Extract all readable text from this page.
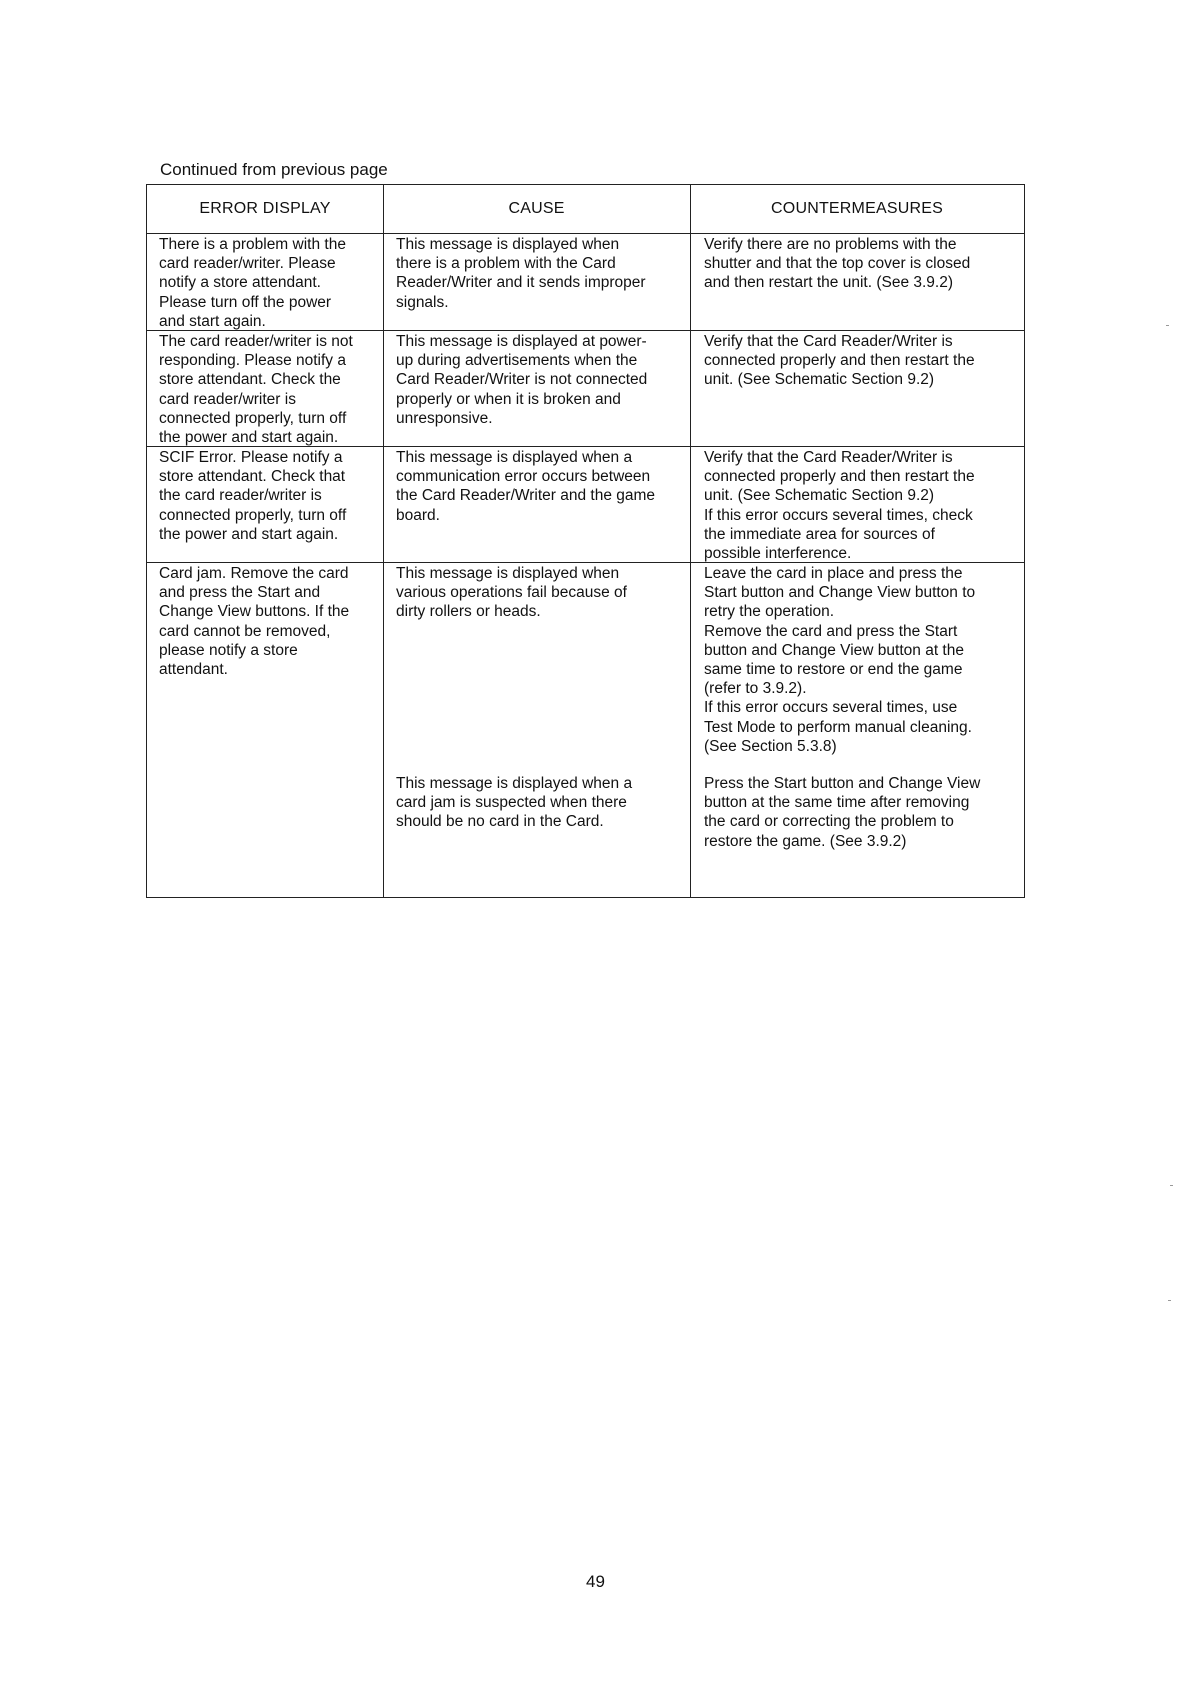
Continued from previous page

ERROR DISPLAY	CAUSE	COUNTERMEASURES

There is a problem with the
card reader/writer. Please
notify a store attendant.
Please turn off the power
and start again.

This message is displayed when
there is a problem with the Card
Reader/Writer and it sends improper
signals.

Verify there are no problems with the
shutter and that the top cover is closed
and then restart the unit. (See 3.9.2)

The card reader/writer is not
responding. Please notify a
store attendant. Check the
card reader/writer is
connected properly, turn off
the power and start again.

This message is displayed at power-
up during advertisements when the
Card Reader/Writer is not connected
properly or when it is broken and
unresponsive.

Verify that the Card Reader/Writer is
connected properly and then restart the
unit. (See Schematic Section 9.2)

SCIF Error. Please notify a
store attendant. Check that
the card reader/writer is
connected properly, turn off
the power and start again.

This message is displayed when a
communication error occurs between
the Card Reader/Writer and the game
board.

Verify that the Card Reader/Writer is
connected properly and then restart the
unit. (See Schematic Section 9.2)
If this error occurs several times, check
the immediate area for sources of
possible interference.

Card jam. Remove the card
and press the Start and
Change View buttons. If the
card cannot be removed,
please notify a store
attendant.

This message is displayed when
various operations fail because of
dirty rollers or heads.

Leave the card in place and press the
Start button and Change View button to
retry the operation.
Remove the card and press the Start
button and Change View button at the
same time to restore or end the game
(refer to 3.9.2).
If this error occurs several times, use
Test Mode to perform manual cleaning.
(See Section 5.3.8)

This message is displayed when a
card jam is suspected when there
should be no card in the Card.

Press the Start button and Change View
button at the same time after removing
the card or correcting the problem to
restore the game. (See 3.9.2)

49
